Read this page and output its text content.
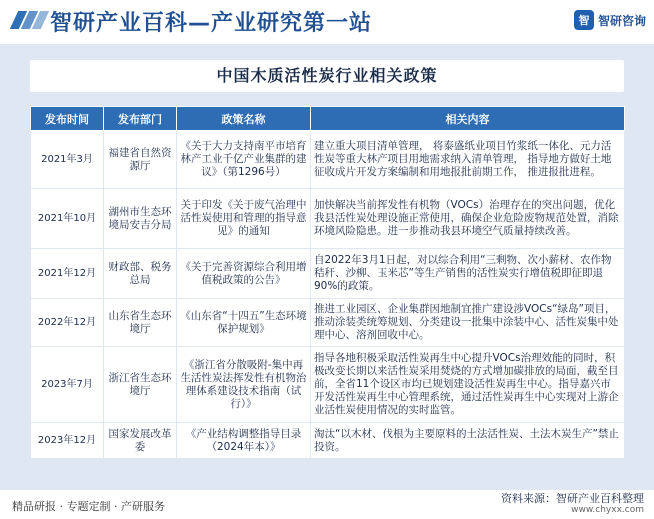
智研产业百科—产业研究第一站	智 智研咨询
中国木质活性炭行业相关政策
发布时间	发布部门	政策名称	相关内容
2021年3月	福建省自然资源厅	《关于大力支持南平市培育林产工业千亿产业集群的建议》（第1296号）	建立重大项目清单管理， 将泰盛纸业项目竹浆纸一体化、元力活性炭等重大林产项目用地需求纳入清单管理， 指导地方做好土地征收成片开发方案编制和用地报批前期工作， 推进报批进程。
2021年10月	湖州市生态环境局安吉分局	关于印发《关于废气治理中活性炭使用和管理的指导意见》的通知	加快解决当前挥发性有机物（VOCs）治理存在的突出问题，优化我县活性炭处理设施正常使用，确保企业危险废物规范处置，消除环境风险隐患。进一步推动我县环境空气质量持续改善。
2021年12月	财政部、税务总局	《关于完善资源综合利用增值税政策的公告》	自2022年3月1日起，对以综合利用“三剩物、次小薪材、农作物秸秆、沙柳、玉米芯”等生产销售的活性炭实行增值税即征即退 90%的政策。
2022年12月	山东省生态环境厅	《山东省“十四五”生态环境保护规划》	推进工业园区、企业集群因地制宜推广建设涉VOCs“绿岛”项目，推动涂装类统筹规划、分类建设一批集中涂装中心、活性炭集中处理中心、溶剂回收中心。
2023年7月	浙江省生态环境厅	《浙江省分散吸附-集中再生活性炭法挥发性有机物治理体系建设技术指南（试行）》	指导各地积极采取活性炭再生中心提升VOCs治理效能的同时，积极改变长期以来活性炭采用焚烧的方式增加碳排放的局面，截至目前，全省11个设区市均已规划建设活性炭再生中心。指导嘉兴市开发活性炭再生中心管理系统，通过活性炭再生中心实现对上游企业活性炭使用情况的实时监管。
2023年12月	国家发展改革委	《产业结构调整指导目录（2024年本）》	淘汰“以木材、伐根为主要原料的土法活性炭、土法木炭生产”禁止投资。
精品研报 · 专题定制 · 产研服务
资料来源：智研产业百科整理
www.chyxx.com
